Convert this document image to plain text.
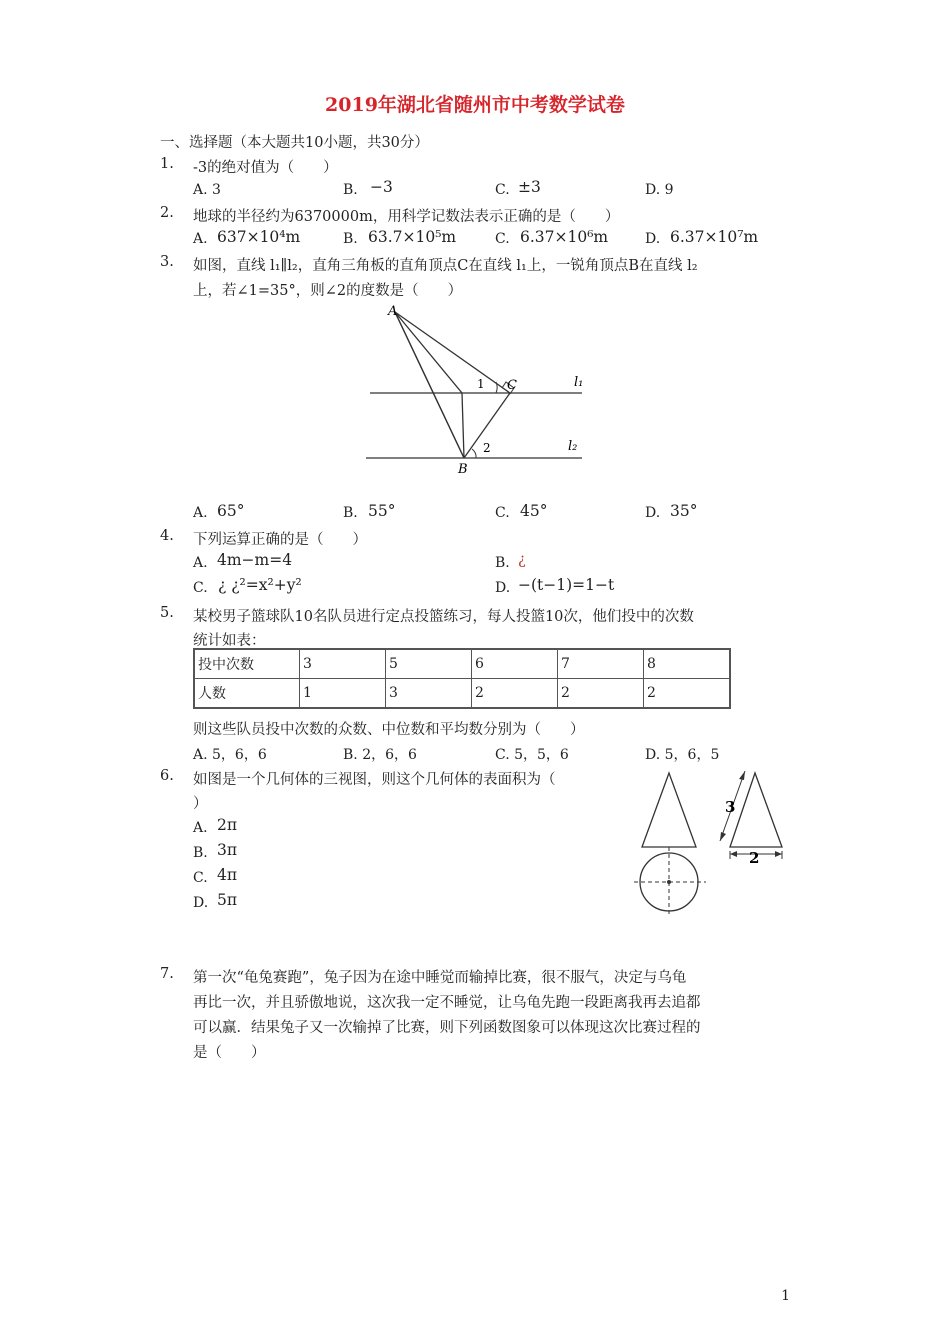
2019年湖北省随州市中考数学试卷
一、选择题（本大题共10小题，共30分）
1. -3的绝对值为（　　）
A. 3	B. −3	C. ±3	D. 9
2. 地球的半径约为6370000m，用科学记数法表示正确的是（　　）
A. 637×10⁴m	B. 63.7×10⁵m	C. 6.37×10⁶m	D. 6.37×10⁷m
3. 如图，直线 l₁∥l₂，直角三角板的直角顶点C在直线 l₁上，一锐角顶点B在直线 l₂
上，若∠1=35°，则∠2的度数是（　　）
A
B
C
1
2
l₁
l₂
A. 65°	B. 55°	C. 45°	D. 35°
4. 下列运算正确的是（　　）
A. 4m−m=4	B. ¿
C. ¿ ¿²=x²+y²	D. −(t−1)=1−t
5. 某校男子篮球队10名队员进行定点投篮练习，每人投篮10次，他们投中的次数
统计如表：
投中次数	3	5	6	7	8
人数	1	3	2	2	2
则这些队员投中次数的众数、中位数和平均数分别为（　　）
A. 5，6，6	B. 2，6，6	C. 5，5，6	D. 5，6，5
6. 如图是一个几何体的三视图，则这个几何体的表面积为（
）
A. 2π
B. 3π
C. 4π
D. 5π
3
2
7. 第一次“龟兔赛跑”，兔子因为在途中睡觉而输掉比赛，很不服气，决定与乌龟
再比一次，并且骄傲地说，这次我一定不睡觉，让乌龟先跑一段距离我再去追都
可以赢．结果兔子又一次输掉了比赛，则下列函数图象可以体现这次比赛过程的
是（　　）
1
